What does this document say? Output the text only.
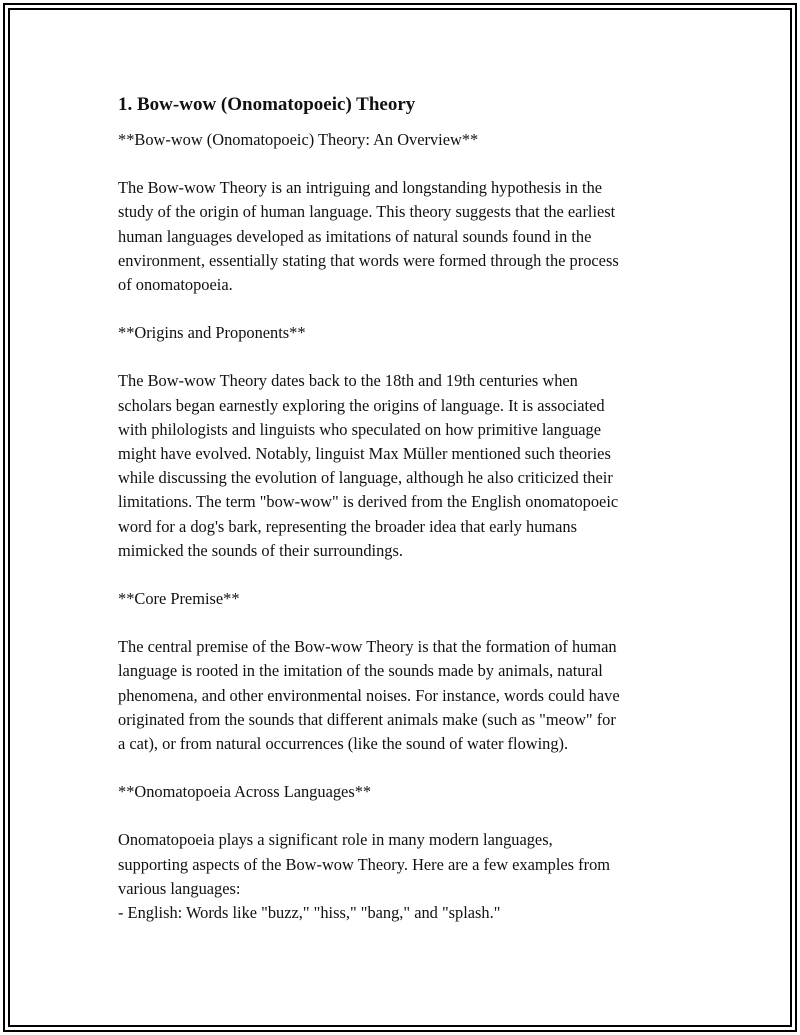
1. Bow-wow (Onomatopoeic) Theory

**Bow-wow (Onomatopoeic) Theory: An Overview**

The Bow-wow Theory is an intriguing and longstanding hypothesis in the
study of the origin of human language. This theory suggests that the earliest
human languages developed as imitations of natural sounds found in the
environment, essentially stating that words were formed through the process
of onomatopoeia.

**Origins and Proponents**

The Bow-wow Theory dates back to the 18th and 19th centuries when
scholars began earnestly exploring the origins of language. It is associated
with philologists and linguists who speculated on how primitive language
might have evolved. Notably, linguist Max Müller mentioned such theories
while discussing the evolution of language, although he also criticized their
limitations. The term "bow-wow" is derived from the English onomatopoeic
word for a dog's bark, representing the broader idea that early humans
mimicked the sounds of their surroundings.

**Core Premise**

The central premise of the Bow-wow Theory is that the formation of human
language is rooted in the imitation of the sounds made by animals, natural
phenomena, and other environmental noises. For instance, words could have
originated from the sounds that different animals make (such as "meow" for
a cat), or from natural occurrences (like the sound of water flowing).

**Onomatopoeia Across Languages**

Onomatopoeia plays a significant role in many modern languages,
supporting aspects of the Bow-wow Theory. Here are a few examples from
various languages:

- English: Words like "buzz," "hiss," "bang," and "splash."
